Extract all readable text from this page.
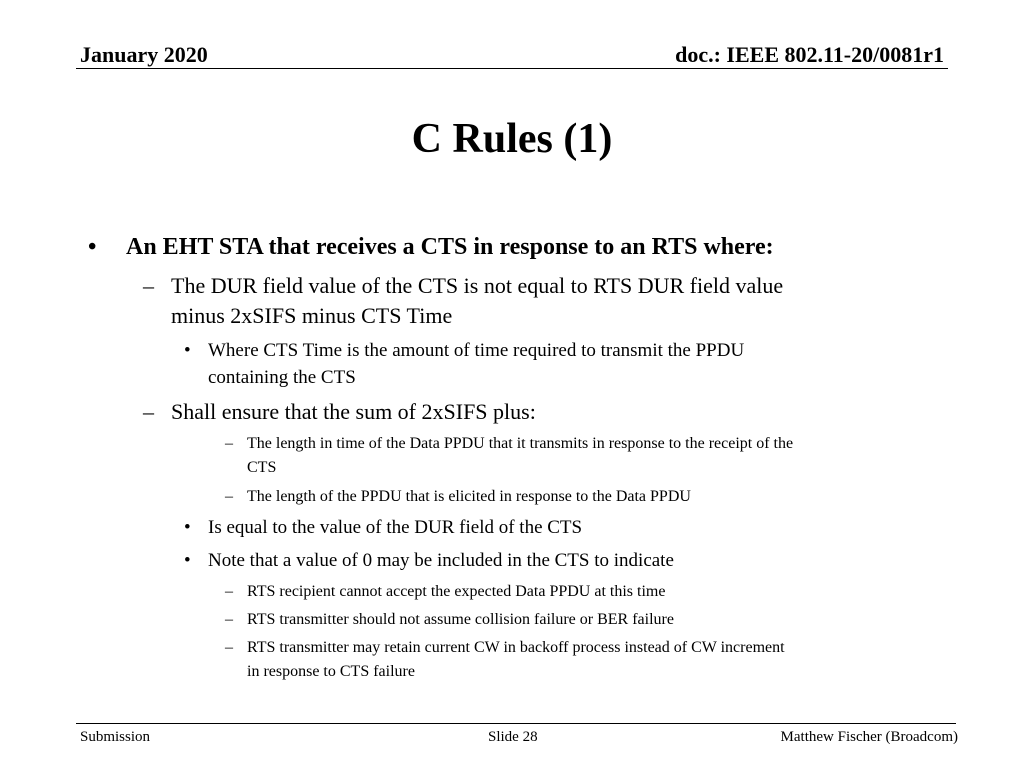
January 2020	doc.: IEEE 802.11-20/0081r1
C Rules (1)
• An EHT STA that receives a CTS in response to an RTS where:
– The DUR field value of the CTS is not equal to RTS DUR field value
minus 2xSIFS minus CTS Time
• Where CTS Time is the amount of time required to transmit the PPDU
containing the CTS
– Shall ensure that the sum of 2xSIFS plus:
– The length in time of the Data PPDU that it transmits in response to the receipt of the
CTS
– The length of the PPDU that is elicited in response to the Data PPDU
• Is equal to the value of the DUR field of the CTS
• Note that a value of 0 may be included in the CTS to indicate
– RTS recipient cannot accept the expected Data PPDU at this time
– RTS transmitter should not assume collision failure or BER failure
– RTS transmitter may retain current CW in backoff process instead of CW increment
in response to CTS failure
Submission	Slide 28	Matthew Fischer (Broadcom)
